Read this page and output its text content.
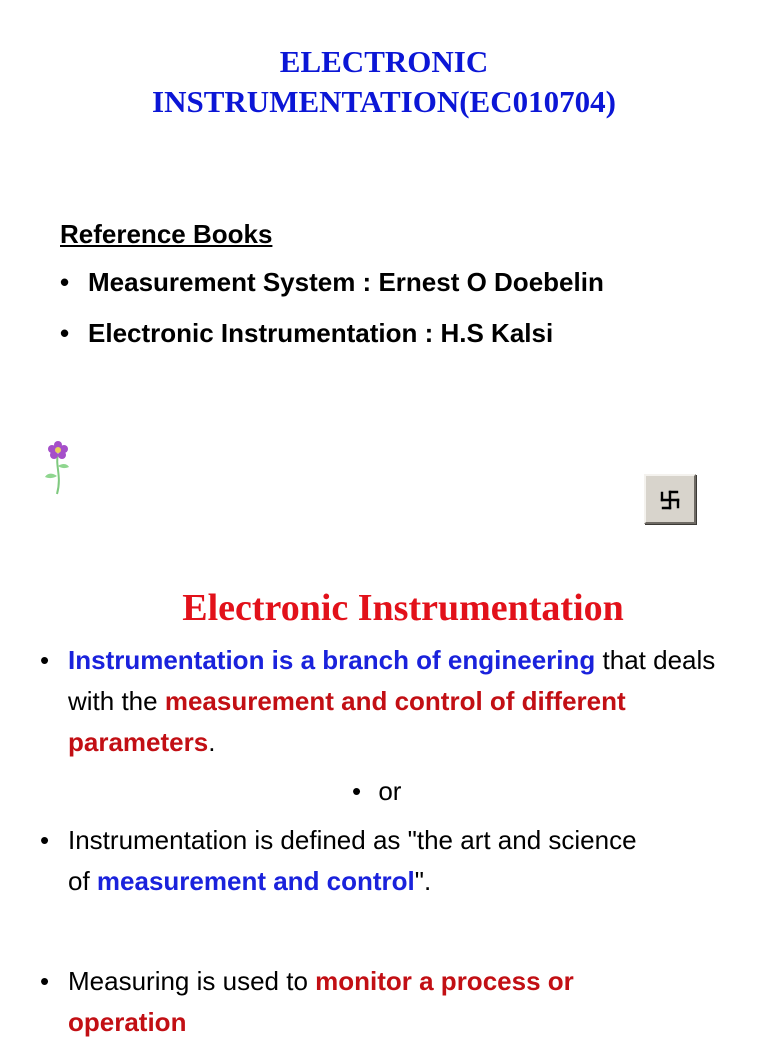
ELECTRONIC
INSTRUMENTATION(EC010704)
Reference Books
• Measurement System : Ernest O Doebelin
• Electronic Instrumentation : H.S Kalsi
Electronic Instrumentation
• Instrumentation is a branch of engineering that deals with the measurement and control of different parameters.
• or
• Instrumentation is defined as "the art and science of measurement and control".
• Measuring is used to monitor a process or operation
